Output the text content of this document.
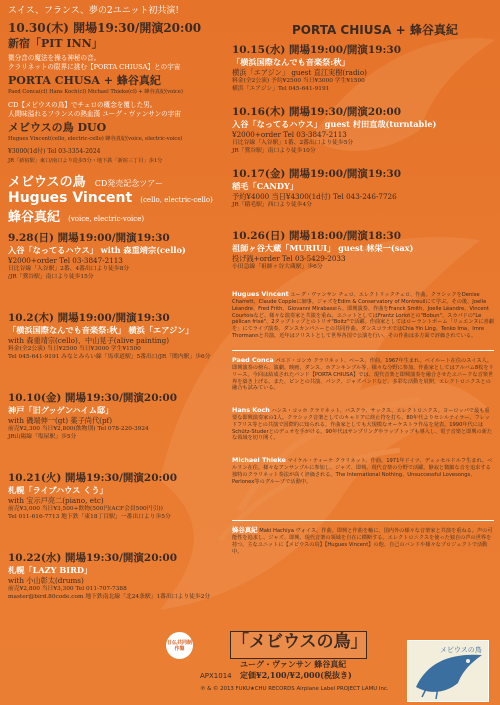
スイス、フランス、夢の2ユニット初共演!
PORTA CHIUSA + 蜂谷真紀
10.30(木) 開場19:30/開演20:00
新宿「PIT INN」
微分音の魔法を操る神秘の音。
クラリネットの限界に挑む【PORTA CHIUSA】との宇宙
PORTA CHUSA + 蜂谷真紀
Paed Conca(cl) Hans Koch(cl) Michael Thieke(cl) + 蜂谷真紀(voice)
CD【メビウスの鳥】でチェロの概念を覆した男。
人間味溢れるフランスの熱血漢 ユーグ・ヴァンサンの宇宙
メビウスの鳥 DUO
Hugues Vincent(cello, electric-cello) 蜂谷真紀(voice, electric-voice)
¥3000(1d付) Tel 03-3354-2024
JR「新宿駅」東口/南口より徒歩5分・地下鉄「新宿三丁目」歩1分
メビウスの鳥 CD発売記念ツアー
Hugues Vincent (cello, electric-cello)
蜂谷真紀 (voice, electric-voice)
9.28(日) 開場19:00/開演19:30
入谷「なってるハウス」 with 森重靖宗(cello)
¥2000+order Tel 03-3847-2113
日比谷線「入谷駅」2番、4番出口より徒歩8分
/JR「鶯谷駅」南口より徒歩15分
10.2(木) 開場19:00/開演19:30
「横浜国際なんでも音楽祭:秋」 横浜「エアジン」
with 森重靖宗(cello)、中山晃子(alive painting)
料金(全2公演) 当日¥2500 当日¥3000 学生¥1500
Tel 045-641-9191 みなとみらい線「馬車道駅」5番出口/JR「関内駅」歩6分
10.10(金) 開場19:30/開演20:00
神戸「旧グッゲンハイム邸」
with 磯端伸一(gt) 薬子尚代(pf)
前売¥2,300 当日¥2,800(飲物別) Tel 078-220-3924
JR山陽線「塩屋駅」歩5分
10.21(火) 開場19:30/開演20:00
札幌「ライブハウス くう」
with 宝示戸亮二(piano, etc)
前売¥3,000 当日¥3,500+飲物(500円(ACF会員500円引))
Tel 011-616-7713 地下鉄「東18丁目駅」一番出口より歩5分
10.22(水) 開場19:30/開演20:00
札幌「LAZY BIRD」
with 小山彰太(drums)
前売¥2,800 当日¥3,300 Tel 011-707-7388
master@bird.80code.com 地下鉄南北線「北24条駅」1番出口より徒歩2分
10.15(水) 開場19:00/開演19:30
「横浜国際なんでも音楽祭:秋」
横浜「エアジン」 guest 直江実樹(radio)
料金(全2公演) 予約¥2500 当日¥3000 学生¥1500
横浜「エアジン」Tel 045-641-9191
10.16(木) 開場19:30/開演20:00
入谷「なってるハウス」 guest 村田直哉(turntable)
¥2000+order Tel 03-3847-2113
日比谷線「入谷駅」1番、2番出口より徒歩5分
JR「鶯谷駅」南口より徒歩10分
10.17(金) 開場19:00/開演19:30
稲毛「CANDY」
予約¥4000 当日¥4300(1d付) Tel 043-246-7726
JR「稲毛駅」西口より徒歩4分
10.26(日) 開場18:00/開演18:30
祖師ヶ谷大蔵「MURIUI」 guest 林栄一(sax)
投げ銭+order Tel 03-5429-2033
小田急線「祖師ヶ谷大蔵駅」歩6分
Hugues Vincent ユーグ・ヴァンサン チェロ、エレクトリックチェロ、作曲。クラシックをDenise Charrett、Claude Coppleに師事。ジャズをEdim & Conservatory of Montreuilにて学ぶ。その後、Joelle Léandre、Fred Frith、Giovanni Mirabassiら、即興演奏、作曲をFranck Smith、Joelle Léandre、Vincent Courtoisなど、様々な演奏家と共演を重ね、ユニットとしてはFrantz Loriotとの"Bobun"、スカパドの"Le pélican frisé"、2タップトップとのトリオ"Boitz"で活躍。作曲家としてはローラントポーム「リュエンヌに喜劇を」にてライブ演奏、ダンスカンパニーとの共同作曲。ダンスコラボではChia Yin Ling、Tenko Ima、Imre Thormannと共演。近年はソリストとして世界各国で公演を行い、その作曲は多方面で評価されている。
Paed Conca パエド・コンカ クラリネット、ベース、作曲。1967年生まれ。ベイルート在住のスイス人。即興演奏の傍ら、演劇、映画、ダンス、ホアンキンプル等、様々な分野に参加。作曲家としてはアルバム8枚をリリース。今回は結成されたバンド【PORTA CHIUSA】では、現代音楽と即興演奏を融合させたユニークな音楽世界を築き上げる。また、ピンとの共演、パンク、ジャズバンドなど、多彩な活動を展開。エレクトロニクスとの融合も試みている。
Hans Koch ハンス・コッホ クラリネット、バスクラ、サックス、エレクトロニクス。ヨーロッパで最も重要な即興演奏家の1人。クラシック音楽としてのキャリアに終止符を打ち、80年代よりセシルテイラー、フレッドフリス等との共演で国際的に知られる。作曲家としても大規模なオーケストラ作品を発表。1990年代にはSchütz-Studerとのデュオを手がける。90年代はサンプリングやラップトップも導入し、電子音楽と即興の新たな領域を切り開く。
Michael Thieke マイケル・ティーケ クラリネット、作曲。1971年ドイツ、デュッセルドルフ生まれ。ベルリン在住。様々なアンサンブルに参加し、ジャズ、即興、現代音楽の分野で活躍。静寂と微細な音を追求する独特のクラリネット奏法が高く評価される。The International Nothing、Unsuccessful Lovesongs、Perlonex等のグループで活動中。
蜂谷真紀 Maki Hachiya ヴォイス、作曲。即興と作曲を軸に、国内外の様々な音楽家と共演を重ねる。声の可能性を追求し、ジャズ、即興、現代音楽の領域を自在に横断する。エレクトロニクスを使った独自の声の世界を持つ。主なユニットに【メビウスの鳥】【Hugues Vincent】の他、自己のバンドや様々なプロジェクトで活動中。
日仏共同制作盤	「メビウスの鳥」
ユーグ・ヴァンサン 蜂谷真紀
APX1014 定価¥2,100/¥2,000(税抜き)
℗ & © 2013 FUKU★CHU RECORDS Airplane Label PROJECT LAMU Inc.
メビウスの鳥
